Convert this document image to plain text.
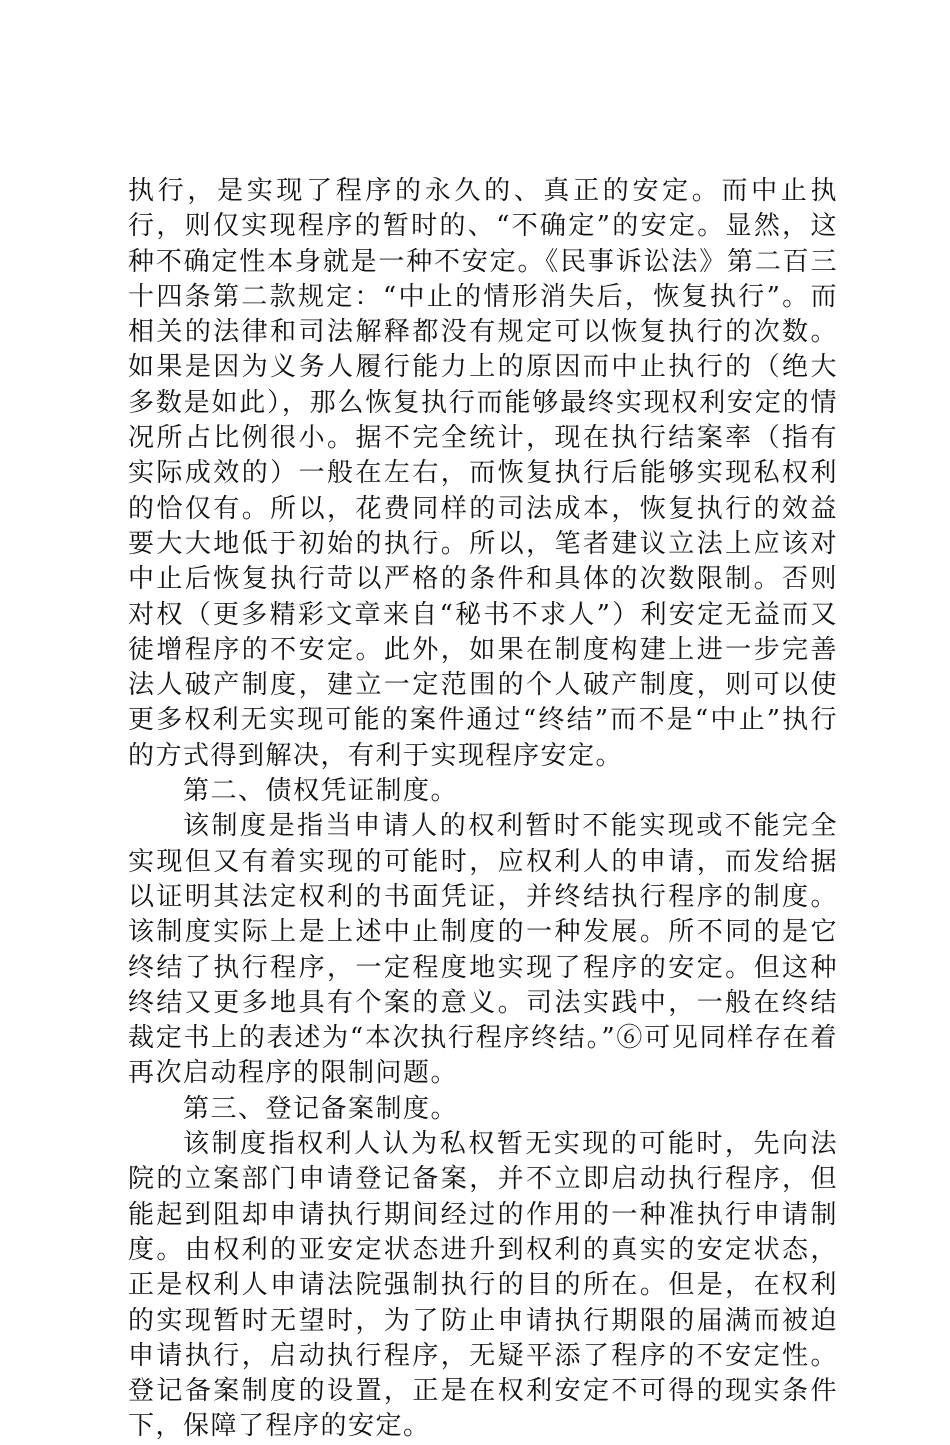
执行，是实现了程序的永久的、真正的安定。而中止执行，则仅实现程序的暂时的、“不确定”的安定。显然，这种不确定性本身就是一种不安定。《民事诉讼法》第二百三十四条第二款规定：“中止的情形消失后，恢复执行”。而相关的法律和司法解释都没有规定可以恢复执行的次数。如果是因为义务人履行能力上的原因而中止执行的（绝大多数是如此），那么恢复执行而能够最终实现权利安定的情况所占比例很小。据不完全统计，现在执行结案率（指有实际成效的）一般在左右，而恢复执行后能够实现私权利的恰仅有。所以，花费同样的司法成本，恢复执行的效益要大大地低于初始的执行。所以，笔者建议立法上应该对中止后恢复执行苛以严格的条件和具体的次数限制。否则对权（更多精彩文章来自“秘书不求人”）利安定无益而又徒增程序的不安定。此外，如果在制度构建上进一步完善法人破产制度，建立一定范围的个人破产制度，则可以使更多权利无实现可能的案件通过“终结”而不是“中止”执行的方式得到解决，有利于实现程序安定。

第二、债权凭证制度。

该制度是指当申请人的权利暂时不能实现或不能完全实现但又有着实现的可能时，应权利人的申请，而发给据以证明其法定权利的书面凭证，并终结执行程序的制度。该制度实际上是上述中止制度的一种发展。所不同的是它终结了执行程序，一定程度地实现了程序的安定。但这种终结又更多地具有个案的意义。司法实践中，一般在终结裁定书上的表述为“本次执行程序终结。”⑥可见同样存在着再次启动程序的限制问题。

第三、登记备案制度。

该制度指权利人认为私权暂无实现的可能时，先向法院的立案部门申请登记备案，并不立即启动执行程序，但能起到阻却申请执行期间经过的作用的一种准执行申请制度。由权利的亚安定状态进升到权利的真实的安定状态，正是权利人申请法院强制执行的目的所在。但是，在权利的实现暂时无望时，为了防止申请执行期限的届满而被迫申请执行，启动执行程序，无疑平添了程序的不安定性。登记备案制度的设置，正是在权利安定不可得的现实条件下，保障了程序的安定。
